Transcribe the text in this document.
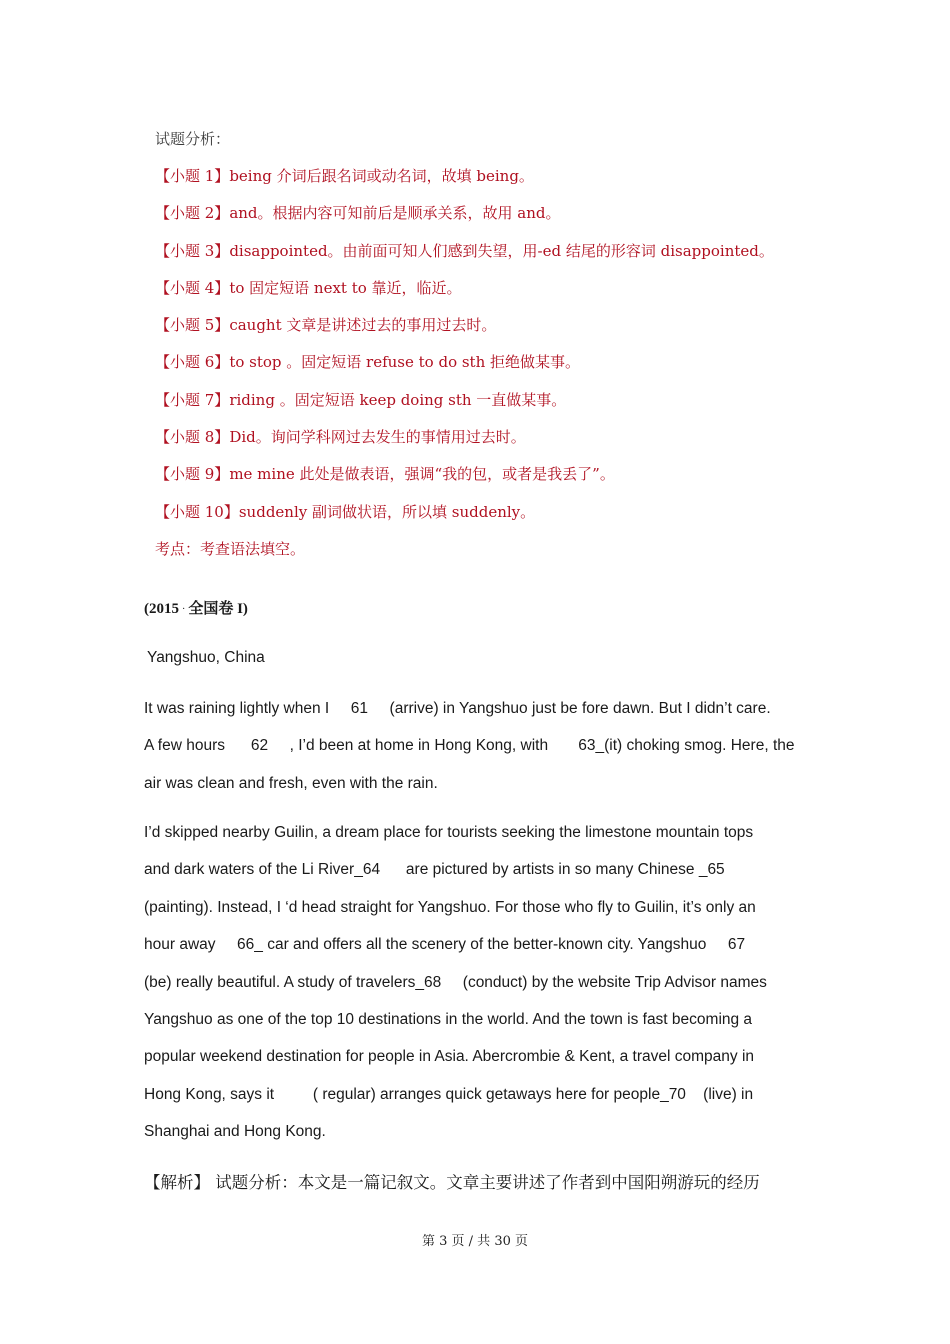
试题分析：
【小题 1】being 介词后跟名词或动名词，故填 being。
【小题 2】and。根据内容可知前后是顺承关系，故用 and。
【小题 3】disappointed。由前面可知人们感到失望，用-ed 结尾的形容词 disappointed。
【小题 4】to 固定短语 next to 靠近，临近。
【小题 5】caught 文章是讲述过去的事用过去时。
【小题 6】to stop 。固定短语 refuse to do sth 拒绝做某事。
【小题 7】riding 。固定短语 keep doing sth 一直做某事。
【小题 8】Did。询问学科网过去发生的事情用过去时。
【小题 9】me mine 此处是做表语，强调“我的包，或者是我丢了”。
【小题 10】suddenly 副词做状语，所以填 suddenly。
考点：考查语法填空。
(2015 · 全国卷 I)
Yangshuo, China
It was raining lightly when I     61     (arrive) in Yangshuo just be fore dawn. But I didn’t care.
A few hours      62     , I’d been at home in Hong Kong, with       63_(it) choking smog. Here, the
air was clean and fresh, even with the rain.
I’d skipped nearby Guilin, a dream place for tourists seeking the limestone mountain tops
and dark waters of the Li River_64      are pictured by artists in so many Chinese _65
(painting). Instead, I ‘d head straight for Yangshuo. For those who fly to Guilin, it’s only an
hour away     66_ car and offers all the scenery of the better-known city. Yangshuo     67
(be) really beautiful. A study of travelers_68     (conduct) by the website Trip Advisor names
Yangshuo as one of the top 10 destinations in the world. And the town is fast becoming a
popular weekend destination for people in Asia. Abercrombie & Kent, a travel company in
Hong Kong, says it         ( regular) arranges quick getaways here for people_70    (live) in
Shanghai and Hong Kong.
【解析】 试题分析：本文是一篇记叙文。文章主要讲述了作者到中国阳朔游玩的经历
第 3 页 / 共 30 页
